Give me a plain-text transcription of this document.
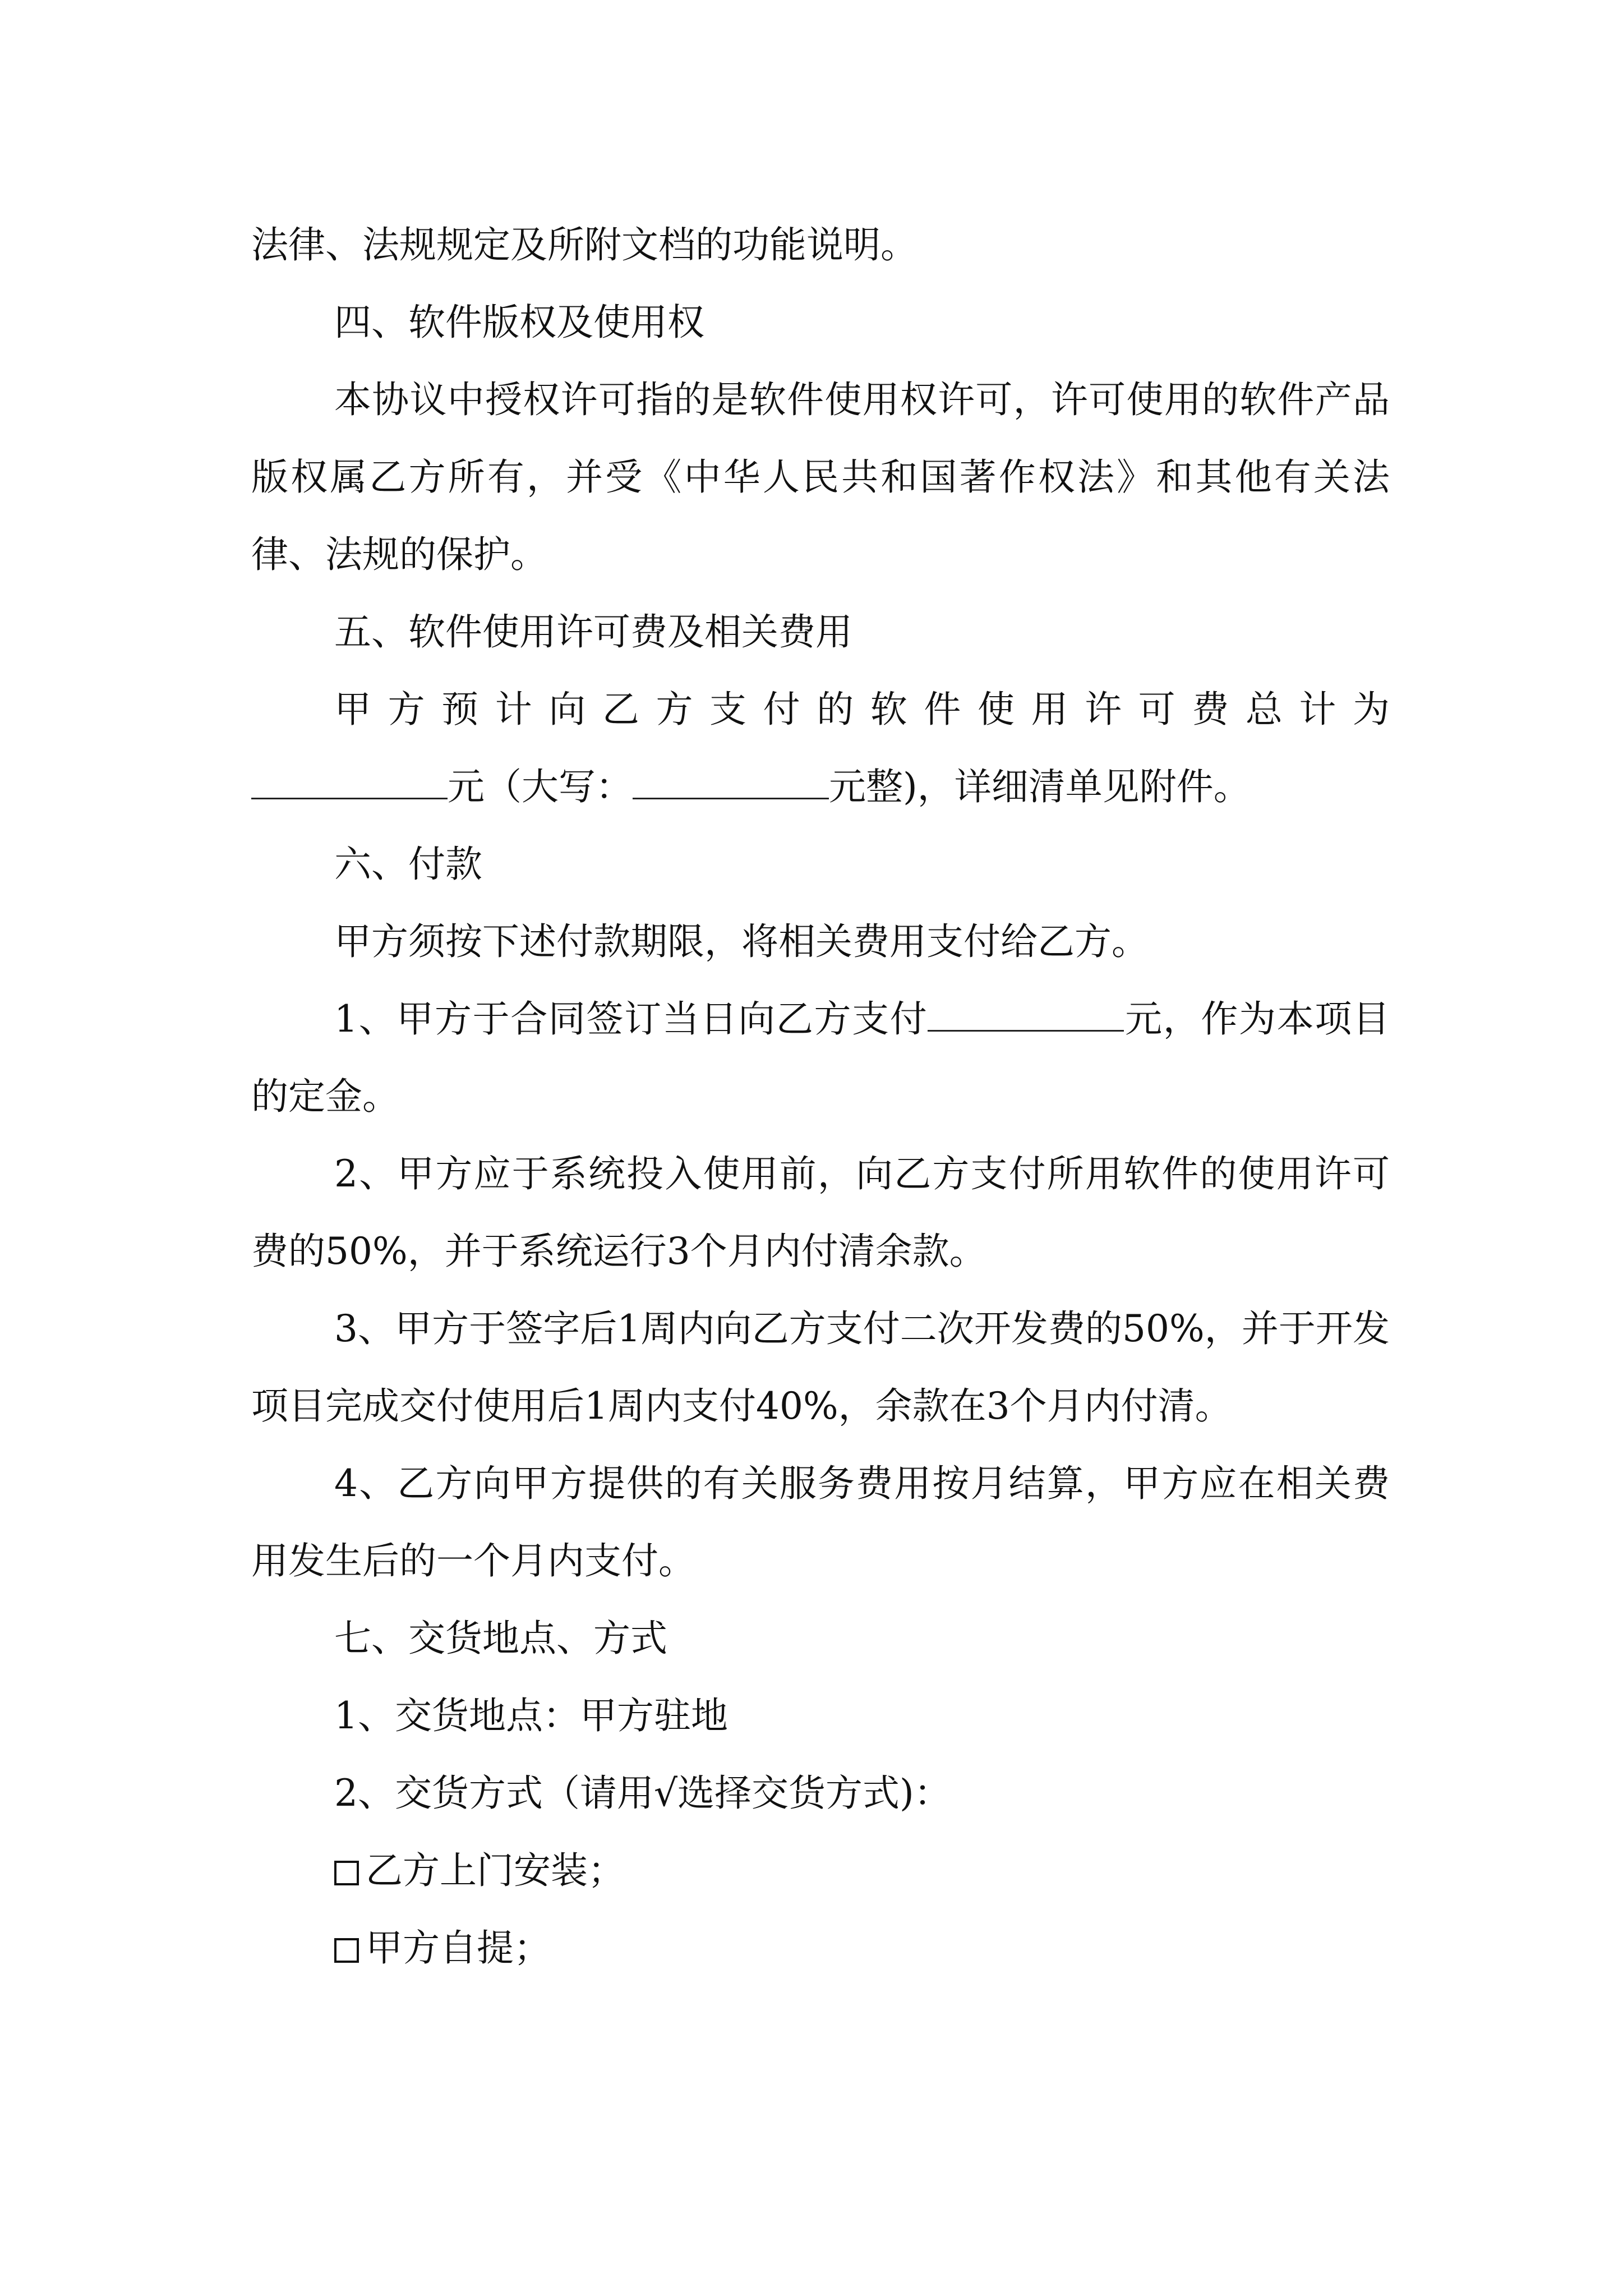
法律、法规规定及所附文档的功能说明。

四、软件版权及使用权

本协议中授权许可指的是软件使用权许可，许可使用的软件产品版权属乙方所有，并受《中华人民共和国著作权法》和其他有关法律、法规的保护。

五、软件使用许可费及相关费用

甲方预计向乙方支付的软件使用许可费总计为

元（大写：	元整)，详细清单见附件。

六、付款

甲方须按下述付款期限，将相关费用支付给乙方。

1、甲方于合同签订当日向乙方支付	元，作为本项目的定金。

2、甲方应于系统投入使用前，向乙方支付所用软件的使用许可费的50%，并于系统运行3个月内付清余款。

3、甲方于签字后1周内向乙方支付二次开发费的50%，并于开发项目完成交付使用后1周内支付40%，余款在3个月内付清。

4、乙方向甲方提供的有关服务费用按月结算，甲方应在相关费用发生后的一个月内支付。

七、交货地点、方式

1、交货地点：甲方驻地

2、交货方式（请用√选择交货方式)：

乙方上门安装；

甲方自提；
